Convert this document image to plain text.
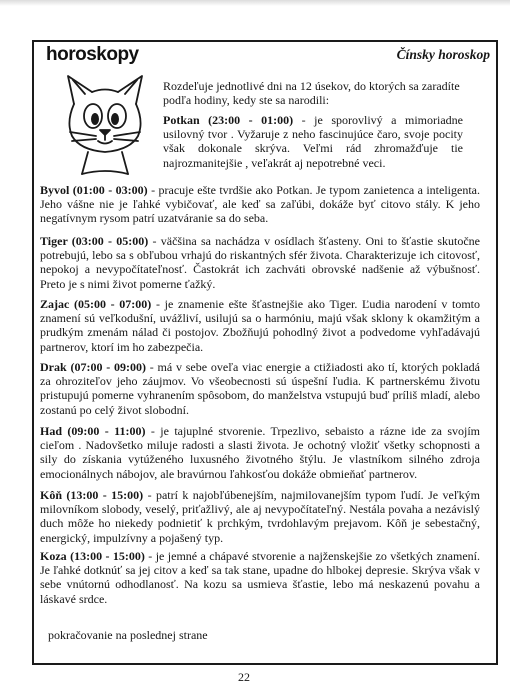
horoskopy	Čínsky horoskop
Rozdeľuje jednotlivé dni na 12 úsekov, do ktorých sa zaradíte podľa hodiny, kedy ste sa narodili:
Potkan (23:00 - 01:00) - je sporovlivý a mimoriadne usilovný tvor . Vyžaruje z neho fascinujúce čaro, svoje pocity však dokonale skrýva. Veľmi rád zhromažďuje tie najrozmanitejšie , veľakrát aj nepotrebné veci.
Byvol (01:00 - 03:00) - pracuje ešte tvrdšie ako Potkan. Je typom zanietenca a inteligenta. Jeho vášne nie je ľahké vybičovať, ale keď sa zaľúbi, dokáže byť citovo stály. K jeho negatívnym rysom patrí uzatváranie sa do seba.
Tiger (03:00 - 05:00) - väčšina sa nachádza v osídlach šťasteny. Oni to šťastie skutočne potrebujú, lebo sa s obľubou vrhajú do riskantných sfér života. Charakterizuje ich citovosť, nepokoj a nevypočítateľnosť. Častokrát ich zachváti obrovské nadšenie až výbušnosť. Preto je s nimi život pomerne ťažký.
Zajac (05:00 - 07:00) - je znamenie ešte šťastnejšie ako Tiger. Ľudia narodení v tomto znamení sú veľkodušní, uvážliví, usilujú sa o harmóniu, majú však sklony k okamžitým a prudkým zmenám nálad či postojov. Zbožňujú pohodlný život a podvedome vyhľadávajú partnerov, ktorí im ho zabezpečia.
Drak (07:00 - 09:00) - má v sebe oveľa viac energie a ctižiadosti ako tí, ktorých pokladá za ohroziteľov jeho záujmov. Vo všeobecnosti sú úspešní ľudia. K partnerskému životu pristupujú pomerne vyhranením spôsobom, do manželstva vstupujú buď príliš mladí, alebo zostanú po celý život slobodní.
Had (09:00 - 11:00) - je tajuplné stvorenie. Trpezlivo, sebaisto a rázne ide za svojím cieľom . Nadovšetko miluje radosti a slasti života. Je ochotný vložiť všetky schopnosti a sily do získania vytúženého luxusného životného štýlu. Je vlastníkom silného zdroja emocionálnych nábojov, ale bravúrnou ľahkosťou dokáže obmieňať partnerov.
Kôň (13:00 - 15:00) - patrí k najobľúbenejším, najmilovanejším typom ľudí. Je veľkým milovníkom slobody, veselý, priťažlivý, ale aj nevypočítateľný. Nestála povaha a nezávislý duch môže ho niekedy podnietiť k prchkým, tvrdohlavým prejavom. Kôň je sebestačný, energický, impulzívny a pojašený typ.
Koza (13:00 - 15:00) - je jemné a chápavé stvorenie a najženskejšie zo všetkých znamení. Je ľahké dotknúť sa jej citov a keď sa tak stane, upadne do hlbokej depresie. Skrýva však v sebe vnútornú odhodlanosť. Na kozu sa usmieva šťastie, lebo má neskazenú povahu a láskavé srdce.
pokračovanie na poslednej strane
22
